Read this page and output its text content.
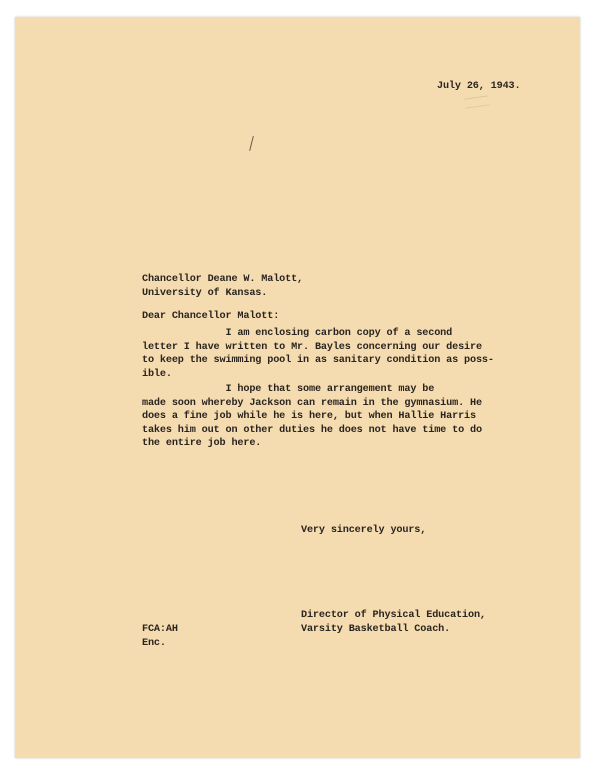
July 26, 1943.
Chancellor Deane W. Malott,
University of Kansas.
Dear Chancellor Malott:
I am enclosing carbon copy of a second
letter I have written to Mr. Bayles concerning our desire
to keep the swimming pool in as sanitary condition as poss-
ible.
I hope that some arrangement may be
made soon whereby Jackson can remain in the gymnasium. He
does a fine job while he is here, but when Hallie Harris
takes him out on other duties he does not have time to do
the entire job here.
Very sincerely yours,
Director of Physical Education,
Varsity Basketball Coach.
FCA:AH
Enc.
